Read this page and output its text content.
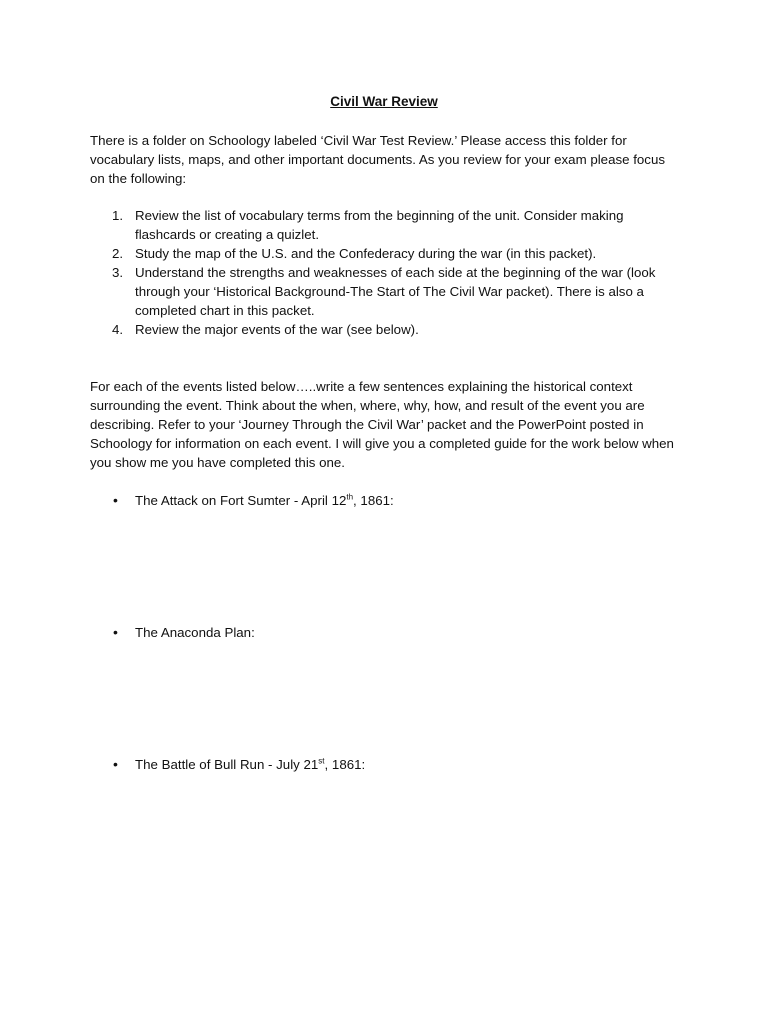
Civil War Review

There is a folder on Schoology labeled ‘Civil War Test Review.’ Please access this folder for vocabulary lists, maps, and other important documents. As you review for your exam please focus on the following:

1. Review the list of vocabulary terms from the beginning of the unit. Consider making flashcards or creating a quizlet.
2. Study the map of the U.S. and the Confederacy during the war (in this packet).
3. Understand the strengths and weaknesses of each side at the beginning of the war (look through your ‘Historical Background-The Start of The Civil War packet). There is also a completed chart in this packet.
4. Review the major events of the war (see below).

For each of the events listed below…..write a few sentences explaining the historical context surrounding the event. Think about the when, where, why, how, and result of the event you are describing. Refer to your ‘Journey Through the Civil War’ packet and the PowerPoint posted in Schoology for information on each event. I will give you a completed guide for the work below when you show me you have completed this one.

• The Attack on Fort Sumter - April 12th, 1861:
• The Anaconda Plan:
• The Battle of Bull Run - July 21st, 1861:
